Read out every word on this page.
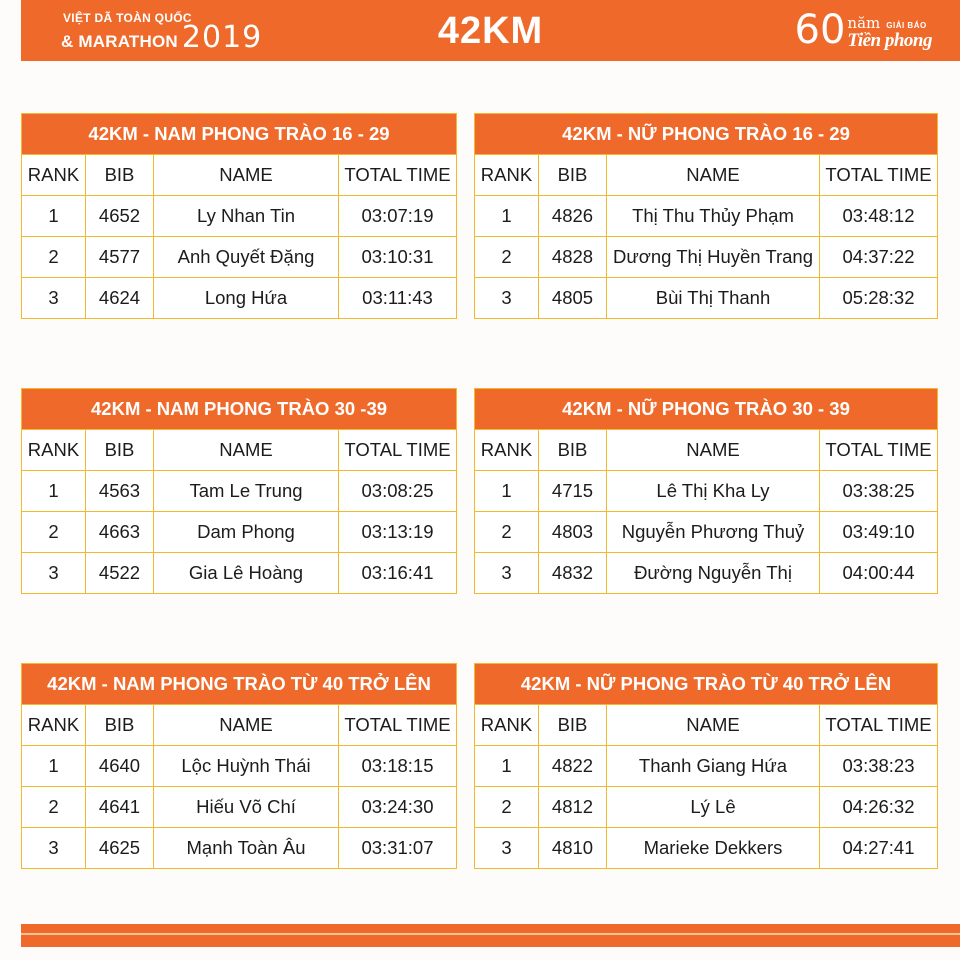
VIỆT DÃ TOÀN QUỐC
& MARATHON 2019	42KM	60 năm GIẢI BÁO
Tiền phong
42KM - NAM PHONG TRÀO 16 - 29			
RANK	BIB	NAME	TOTAL TIME
1	4652	Ly Nhan Tin	03:07:19
2	4577	Anh Quyết Đặng	03:10:31
3	4624	Long Hứa	03:11:43
42KM - NỮ PHONG TRÀO 16 - 29			
RANK	BIB	NAME	TOTAL TIME
1	4826	Thị Thu Thủy Phạm	03:48:12
2	4828	Dương Thị Huyền Trang	04:37:22
3	4805	Bùi Thị Thanh	05:28:32
42KM - NAM PHONG TRÀO 30 -39			
RANK	BIB	NAME	TOTAL TIME
1	4563	Tam Le Trung	03:08:25
2	4663	Dam Phong	03:13:19
3	4522	Gia Lê Hoàng	03:16:41
42KM - NỮ PHONG TRÀO 30 - 39			
RANK	BIB	NAME	TOTAL TIME
1	4715	Lê Thị Kha Ly	03:38:25
2	4803	Nguyễn Phương Thuỷ	03:49:10
3	4832	Đường Nguyễn Thị	04:00:44
42KM - NAM PHONG TRÀO TỪ 40 TRỞ LÊN			
RANK	BIB	NAME	TOTAL TIME
1	4640	Lộc Huỳnh Thái	03:18:15
2	4641	Hiếu Võ Chí	03:24:30
3	4625	Mạnh Toàn Âu	03:31:07
42KM - NỮ PHONG TRÀO TỪ 40 TRỞ LÊN			
RANK	BIB	NAME	TOTAL TIME
1	4822	Thanh Giang Hứa	03:38:23
2	4812	Lý Lê	04:26:32
3	4810	Marieke Dekkers	04:27:41
